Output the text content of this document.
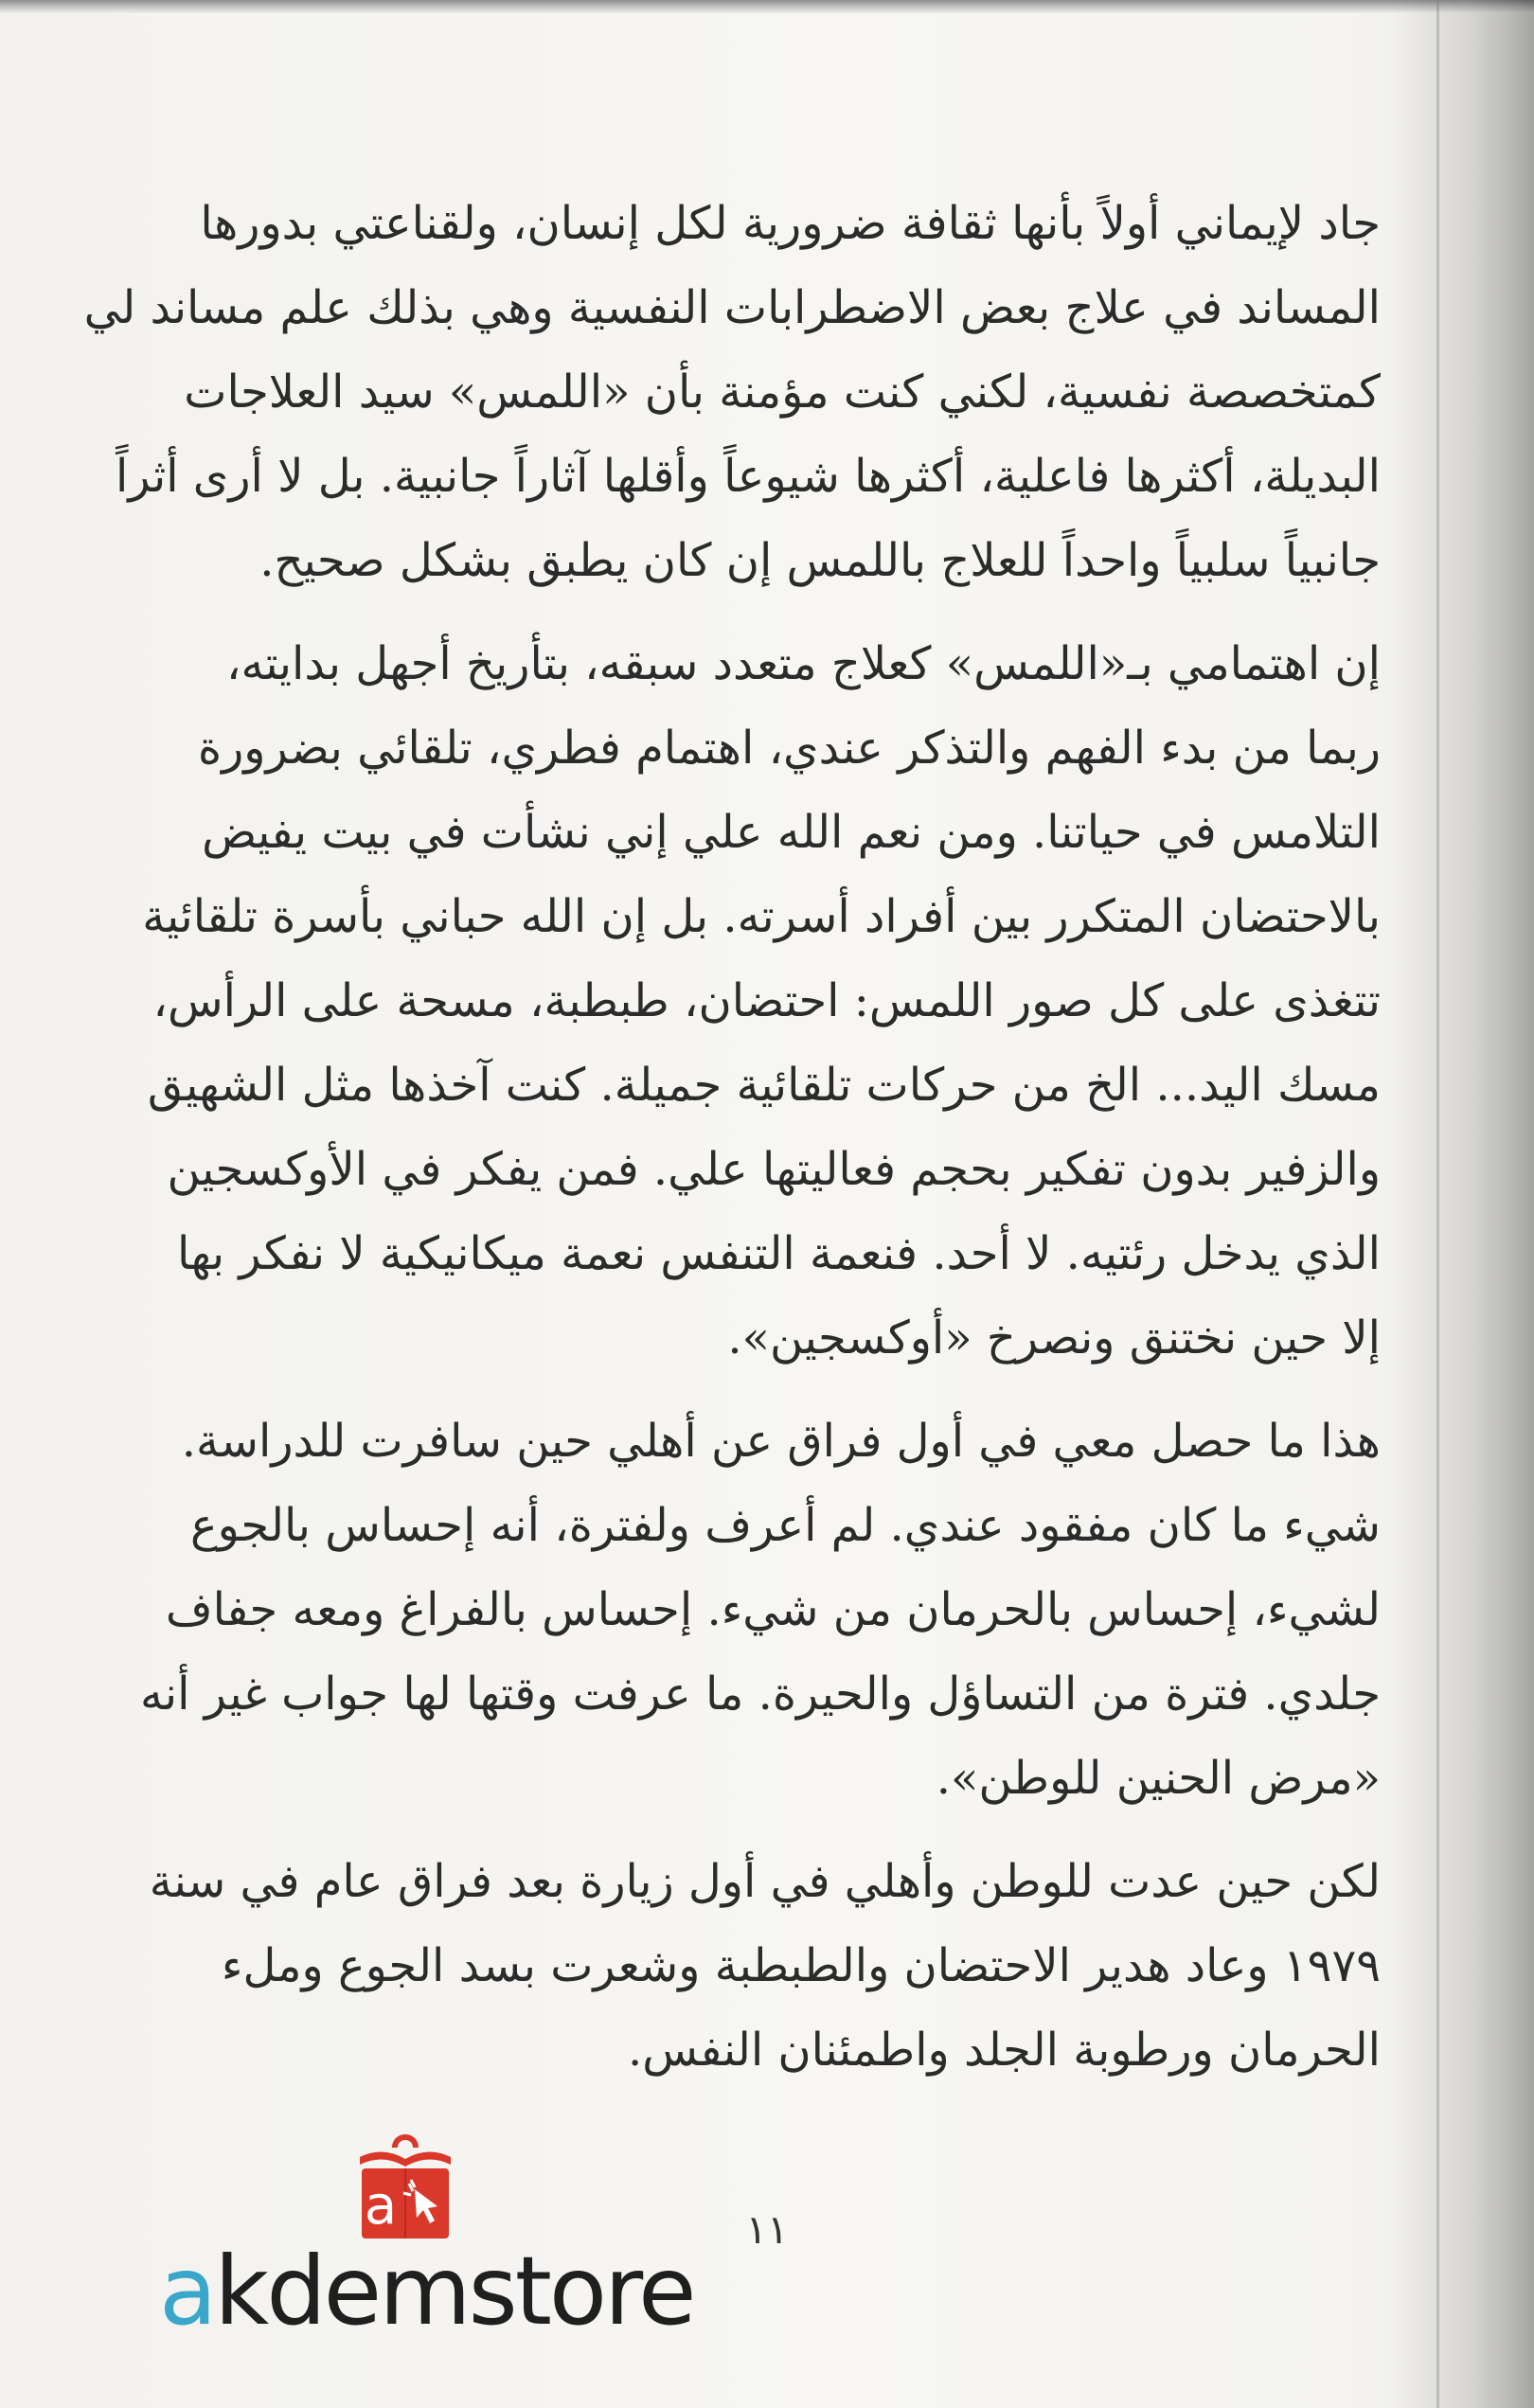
جاد لإيماني أولاً بأنها ثقافة ضرورية لكل إنسان، ولقناعتي بدورها
المساند في علاج بعض الاضطرابات النفسية وهي بذلك علم مساند لي
كمتخصصة نفسية، لكني كنت مؤمنة بأن «اللمس» سيد العلاجات
البديلة، أكثرها فاعلية، أكثرها شيوعاً وأقلها آثاراً جانبية. بل لا أرى أثراً
جانبياً سلبياً واحداً للعلاج باللمس إن كان يطبق بشكل صحيح.

إن اهتمامي بـ«اللمس» كعلاج متعدد سبقه، بتأريخ أجهل بدايته،
ربما من بدء الفهم والتذكر عندي، اهتمام فطري، تلقائي بضرورة
التلامس في حياتنا. ومن نعم الله علي إني نشأت في بيت يفيض
بالاحتضان المتكرر بين أفراد أسرته. بل إن الله حباني بأسرة تلقائية
تتغذى على كل صور اللمس: احتضان، طبطبة، مسحة على الرأس،
مسك اليد... الخ من حركات تلقائية جميلة. كنت آخذها مثل الشهيق
والزفير بدون تفكير بحجم فعاليتها علي. فمن يفكر في الأوكسجين
الذي يدخل رئتيه. لا أحد. فنعمة التنفس نعمة ميكانيكية لا نفكر بها
إلا حين نختنق ونصرخ «أوكسجين».

هذا ما حصل معي في أول فراق عن أهلي حين سافرت للدراسة.
شيء ما كان مفقود عندي. لم أعرف ولفترة، أنه إحساس بالجوع
لشيء، إحساس بالحرمان من شيء. إحساس بالفراغ ومعه جفاف
جلدي. فترة من التساؤل والحيرة. ما عرفت وقتها لها جواب غير أنه
«مرض الحنين للوطن».

لكن حين عدت للوطن وأهلي في أول زيارة بعد فراق عام في سنة
١٩٧٩ وعاد هدير الاحتضان والطبطبة وشعرت بسد الجوع وملء
الحرمان ورطوبة الجلد واطمئنان النفس.

١١
a
akdemstore
